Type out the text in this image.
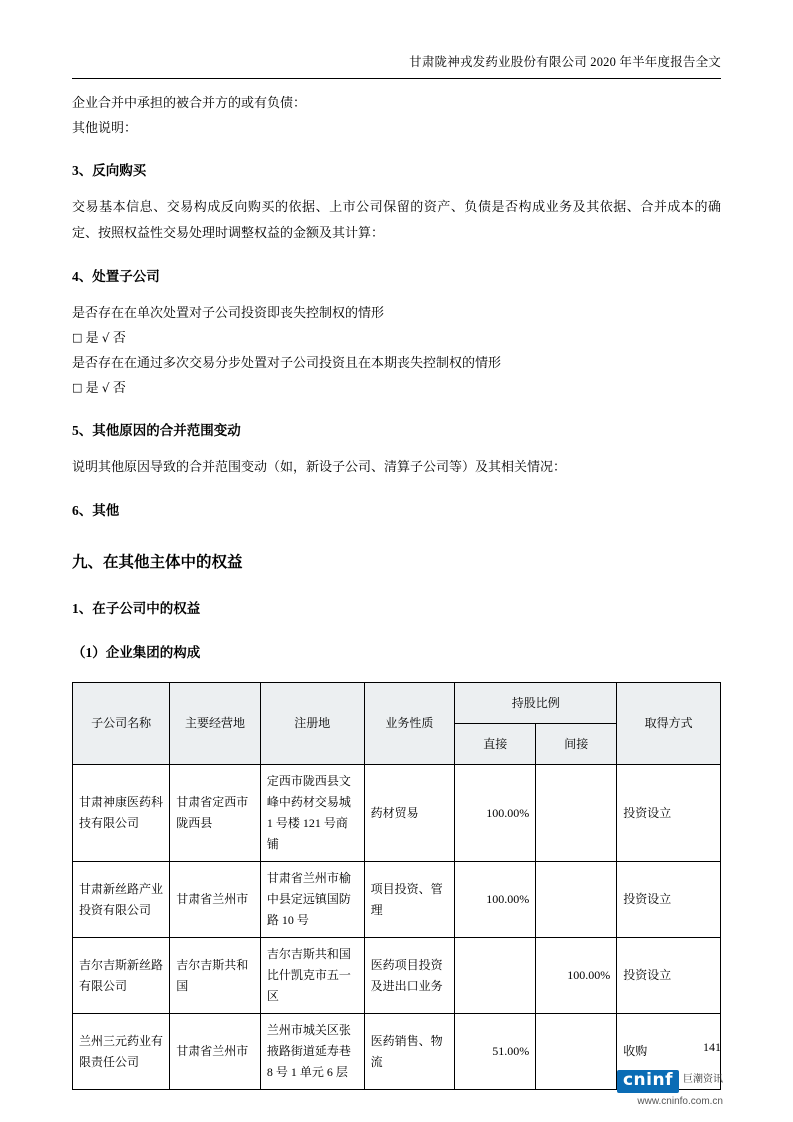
甘肃陇神戎发药业股份有限公司 2020 年半年度报告全文

企业合并中承担的被合并方的或有负债：

其他说明：

3、反向购买
交易基本信息、交易构成反向购买的依据、上市公司保留的资产、负债是否构成业务及其依据、合并成本的确定、按照权益性交易处理时调整权益的金额及其计算：
4、处置子公司
是否存在在单次处置对子公司投资即丧失控制权的情形
□ 是 √ 否
是否存在在通过多次交易分步处置对子公司投资且在本期丧失控制权的情形
□ 是 √ 否
5、其他原因的合并范围变动
说明其他原因导致的合并范围变动（如，新设子公司、清算子公司等）及其相关情况：
6、其他
九、在其他主体中的权益
1、在子公司中的权益
（1）企业集团的构成
子公司名称	主要经营地	注册地	业务性质	持股比例		取得方式
				直接	间接	
甘肃神康医药科技有限公司	甘肃省定西市陇西县	定西市陇西县文峰中药材交易城 1 号楼 121 号商铺	药材贸易	100.00%		投资设立
甘肃新丝路产业投资有限公司	甘肃省兰州市	甘肃省兰州市榆中县定远镇国防路 10 号	项目投资、管理	100.00%		投资设立
吉尔吉斯新丝路有限公司	吉尔吉斯共和国	吉尔吉斯共和国比什凯克市五一区	医药项目投资及进出口业务		100.00%	投资设立
兰州三元药业有限责任公司	甘肃省兰州市	兰州市城关区张掖路街道延寿巷 8 号 1 单元 6 层	医药销售、物流	51.00%		收购	141
cninf 巨潮资讯
www.cninfo.com.cn
